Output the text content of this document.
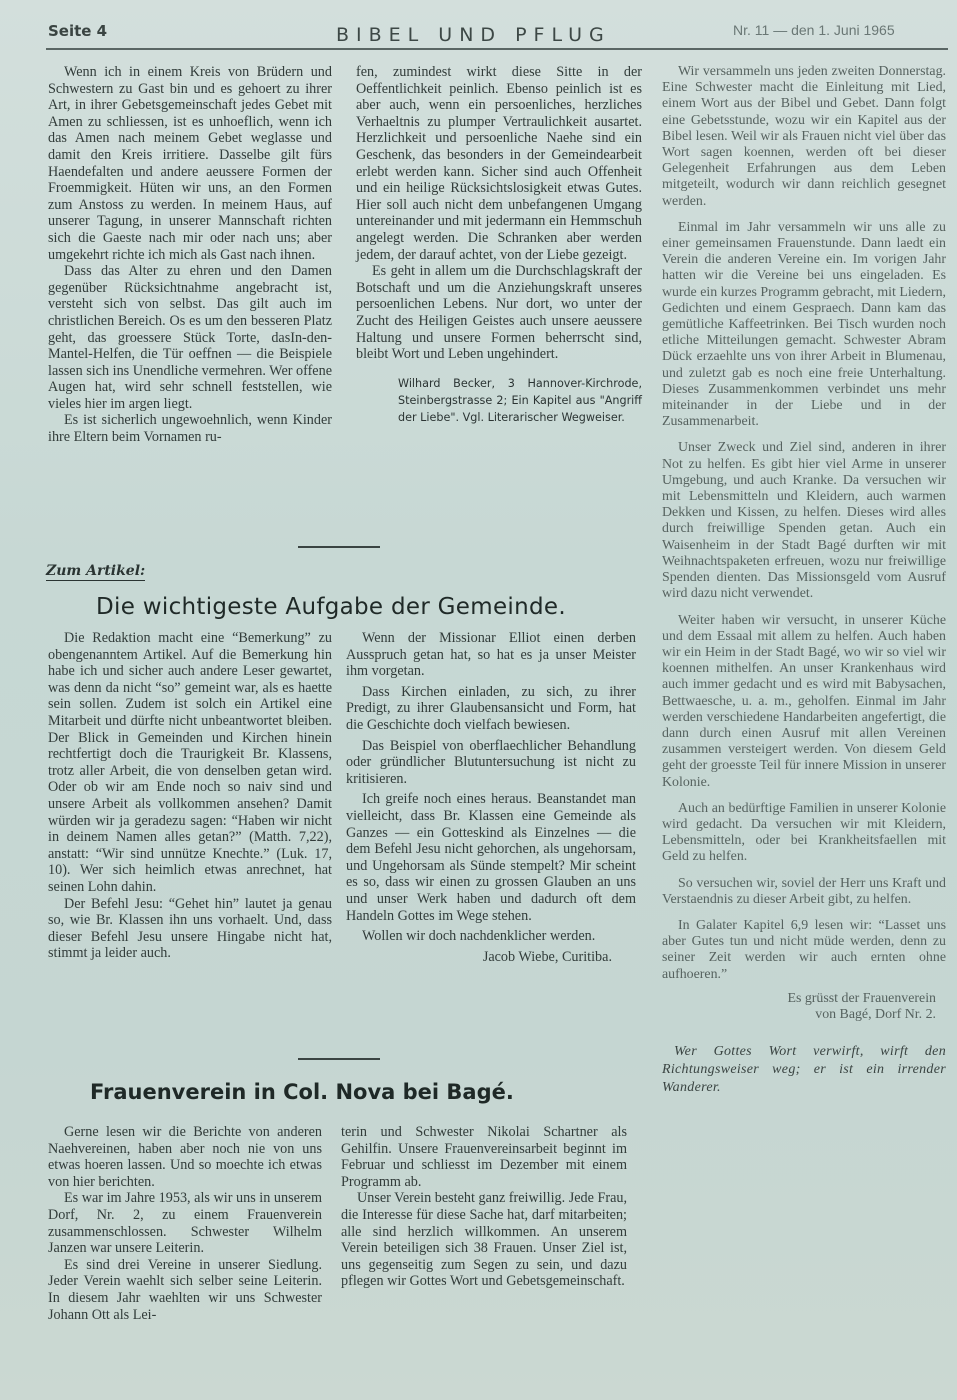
Seite 4	BIBEL UND PFLUG	Nr. 11 — den 1. Juni 1965

Wenn ich in einem Kreis von Brüdern und Schwestern zu Gast bin und es gehoert zu ihrer Art, in ihrer Gebetsgemeinschaft jedes Gebet mit Amen zu schliessen, ist es unhoeflich, wenn ich das Amen nach meinem Gebet weglasse und damit den Kreis irritiere. Dasselbe gilt fürs Haendefalten und andere aeussere Formen der Froemmigkeit. Hüten wir uns, an den Formen zum Anstoss zu werden. In meinem Haus, auf unserer Tagung, in unserer Mannschaft richten sich die Gaeste nach mir oder nach uns; aber umgekehrt richte ich mich als Gast nach ihnen.

Dass das Alter zu ehren und den Damen gegenüber Rücksichtnahme angebracht ist, versteht sich von selbst. Das gilt auch im christlichen Bereich. Os es um den besseren Platz geht, das groessere Stück Torte, dasIn-den-Mantel-Helfen, die Tür oeffnen — die Beispiele lassen sich ins Unendliche vermehren. Wer offene Augen hat, wird sehr schnell feststellen, wie vieles hier im argen liegt.

Es ist sicherlich ungewoehnlich, wenn Kinder ihre Eltern beim Vornamen ru-

fen, zumindest wirkt diese Sitte in der Oeffentlichkeit peinlich. Ebenso peinlich ist es aber auch, wenn ein persoenliches, herzliches Verhaeltnis zu plumper Vertraulichkeit ausartet. Herzlichkeit und persoenliche Naehe sind ein Geschenk, das besonders in der Gemeindearbeit erlebt werden kann. Sicher sind auch Offenheit und ein heilige Rücksichtslosigkeit etwas Gutes. Hier soll auch nicht dem unbefangenen Umgang untereinander und mit jedermann ein Hemmschuh angelegt werden. Die Schranken aber werden jedem, der darauf achtet, von der Liebe gezeigt.

Es geht in allem um die Durchschlagskraft der Botschaft und um die Anziehungskraft unseres persoenlichen Lebens. Nur dort, wo unter der Zucht des Heiligen Geistes auch unsere aeussere Haltung und unsere Formen beherrscht sind, bleibt Wort und Leben ungehindert.

Wilhard Becker, 3 Hannover-Kirchrode, Steinbergstrasse 2; Ein Kapitel aus "Angriff der Liebe". Vgl. Literarischer Wegweiser.
Zum Artikel:
Die wichtigeste Aufgabe der Gemeinde.

Die Redaktion macht eine “Bemerkung” zu obengenanntem Artikel. Auf die Bemerkung hin habe ich und sicher auch andere Leser gewartet, was denn da nicht “so” gemeint war, als es haette sein sollen. Zudem ist solch ein Artikel eine Mitarbeit und dürfte nicht unbeantwortet bleiben. Der Blick in Gemeinden und Kirchen hinein rechtfertigt doch die Traurigkeit Br. Klassens, trotz aller Arbeit, die von denselben getan wird. Oder ob wir am Ende noch so naiv sind und unsere Arbeit als vollkommen ansehen? Damit würden wir ja geradezu sagen: “Haben wir nicht in deinem Namen alles getan?” (Matth. 7,22), anstatt: “Wir sind unnütze Knechte.” (Luk. 17, 10). Wer sich heimlich etwas anrechnet, hat seinen Lohn dahin.

Der Befehl Jesu: “Gehet hin” lautet ja genau so, wie Br. Klassen ihn uns vorhaelt. Und, dass dieser Befehl Jesu unsere Hingabe nicht hat, stimmt ja leider auch.

Wenn der Missionar Elliot einen derben Ausspruch getan hat, so hat es ja unser Meister ihm vorgetan.

Dass Kirchen einladen, zu sich, zu ihrer Predigt, zu ihrer Glaubensansicht und Form, hat die Geschichte doch vielfach bewiesen.

Das Beispiel von oberflaechlicher Behandlung oder gründlicher Blutuntersuchung ist nicht zu kritisieren.

Ich greife noch eines heraus. Beanstandet man vielleicht, dass Br. Klassen eine Gemeinde als Ganzes — ein Gotteskind als Einzelnes — die dem Befehl Jesu nicht gehorchen, als ungehorsam, und Ungehorsam als Sünde stempelt? Mir scheint es so, dass wir einen zu grossen Glauben an uns und unser Werk haben und dadurch oft dem Handeln Gottes im Wege stehen.

Wollen wir doch nachdenklicher werden.

Jacob Wiebe, Curitiba.

Frauenverein in Col. Nova bei Bagé.

Gerne lesen wir die Berichte von anderen Naehvereinen, haben aber noch nie von uns etwas hoeren lassen. Und so moechte ich etwas von hier berichten.

Es war im Jahre 1953, als wir uns in unserem Dorf, Nr. 2, zu einem Frauenverein zusammenschlossen. Schwester Wilhelm Janzen war unsere Leiterin.

Es sind drei Vereine in unserer Siedlung. Jeder Verein waehlt sich selber seine Leiterin. In diesem Jahr waehlten wir uns Schwester Johann Ott als Lei-

terin und Schwester Nikolai Schartner als Gehilfin. Unsere Frauenvereinsarbeit beginnt im Februar und schliesst im Dezember mit einem Programm ab.

Unser Verein besteht ganz freiwillig. Jede Frau, die Interesse für diese Sache hat, darf mitarbeiten; alle sind herzlich willkommen. An unserem Verein beteiligen sich 38 Frauen. Unser Ziel ist, uns gegenseitig zum Segen zu sein, und dazu pflegen wir Gottes Wort und Gebetsgemeinschaft.

Wir versammeln uns jeden zweiten Donnerstag. Eine Schwester macht die Einleitung mit Lied, einem Wort aus der Bibel und Gebet. Dann folgt eine Gebetsstunde, wozu wir ein Kapitel aus der Bibel lesen. Weil wir als Frauen nicht viel über das Wort sagen koennen, werden oft bei dieser Gelegenheit Erfahrungen aus dem Leben mitgeteilt, wodurch wir dann reichlich gesegnet werden.

Einmal im Jahr versammeln wir uns alle zu einer gemeinsamen Frauenstunde. Dann laedt ein Verein die anderen Vereine ein. Im vorigen Jahr hatten wir die Vereine bei uns eingeladen. Es wurde ein kurzes Programm gebracht, mit Liedern, Gedichten und einem Gespraech. Dann kam das gemütliche Kaffeetrinken. Bei Tisch wurden noch etliche Mitteilungen gemacht. Schwester Abram Dück erzaehlte uns von ihrer Arbeit in Blumenau, und zuletzt gab es noch eine freie Unterhaltung. Dieses Zusammenkommen verbindet uns mehr miteinander in der Liebe und in der Zusammenarbeit.

Unser Zweck und Ziel sind, anderen in ihrer Not zu helfen. Es gibt hier viel Arme in unserer Umgebung, und auch Kranke. Da versuchen wir mit Lebensmitteln und Kleidern, auch warmen Dekken und Kissen, zu helfen. Dieses wird alles durch freiwillige Spenden getan. Auch ein Waisenheim in der Stadt Bagé durften wir mit Weihnachtspaketen erfreuen, wozu nur freiwillige Spenden dienten. Das Missionsgeld vom Ausruf wird dazu nicht verwendet.

Weiter haben wir versucht, in unserer Küche und dem Essaal mit allem zu helfen. Auch haben wir ein Heim in der Stadt Bagé, wo wir so viel wir koennen mithelfen. An unser Krankenhaus wird auch immer gedacht und es wird mit Babysachen, Bettwaesche, u. a. m., geholfen. Einmal im Jahr werden verschiedene Handarbeiten angefertigt, die dann durch einen Ausruf mit allen Vereinen zusammen versteigert werden. Von diesem Geld geht der groesste Teil für innere Mission in unserer Kolonie.

Auch an bedürftige Familien in unserer Kolonie wird gedacht. Da versuchen wir mit Kleidern, Lebensmitteln, oder bei Krankheitsfaellen mit Geld zu helfen.

So versuchen wir, soviel der Herr uns Kraft und Verstaendnis zu dieser Arbeit gibt, zu helfen.

In Galater Kapitel 6,9 lesen wir: “Lasset uns aber Gutes tun und nicht müde werden, denn zu seiner Zeit werden wir auch ernten ohne aufhoeren.”

Es grüsst der Frauenverein

von Bagé, Dorf Nr. 2.

Wer Gottes Wort verwirft, wirft den Richtungsweiser weg; er ist ein irrender Wanderer.
